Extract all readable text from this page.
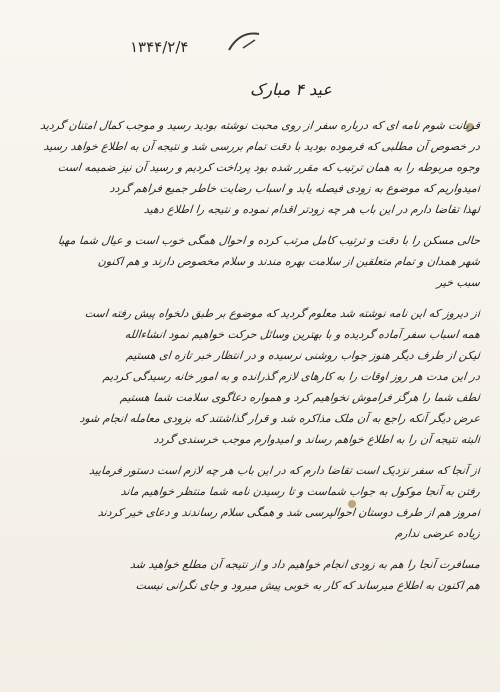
۱۳۴۴/۲/۴
عید ۴ مبارک
قربانت شوم نامه ای که درباره سفر از روی محبت نوشته بودید رسید و موجب کمال امتنان گردید
در خصوص آن مطلبی که فرموده بودید با دقت تمام بررسی شد و نتیجه آن به اطلاع خواهد رسید
وجوه مربوطه را به همان ترتیب که مقرر شده بود پرداخت کردیم و رسید آن نیز ضمیمه است
امیدواریم که موضوع به زودی فیصله یابد و اسباب رضایت خاطر جمیع فراهم گردد
لهذا تقاضا دارم در این باب هر چه زودتر اقدام نموده و نتیجه را اطلاع دهید
حالی مسکن را با دقت و ترتیب کامل مرتب کرده و احوال همگی خوب است و عیال شما مهیا
شهر همدان و تمام متعلقین از سلامت بهره مندند و سلام مخصوص دارند و هم اکنون
سبب خیر
از دیروز که این نامه نوشته شد معلوم گردید که موضوع بر طبق دلخواه پیش رفته است
همه اسباب سفر آماده گردیده و با بهترین وسائل حرکت خواهیم نمود انشاءالله
لیکن از طرف دیگر هنوز جواب روشنی نرسیده و در انتظار خبر تازه ای هستیم
در این مدت هر روز اوقات را به کارهای لازم گذرانده و به امور خانه رسیدگی کردیم
لطف شما را هرگز فراموش نخواهیم کرد و همواره دعاگوی سلامت شما هستیم
عرض دیگر آنکه راجع به آن ملک مذاکره شد و قرار گذاشتند که بزودی معامله انجام شود
البته نتیجه آن را به اطلاع خواهم رساند و امیدوارم موجب خرسندی گردد
از آنجا که سفر نزدیک است تقاضا دارم که در این باب هر چه لازم است دستور فرمایید
رفتن به آنجا موکول به جواب شماست و تا رسیدن نامه شما منتظر خواهیم ماند
امروز هم از طرف دوستان احوالپرسی شد و همگی سلام رساندند و دعای خیر کردند
زیاده عرضی ندارم
مسافرت آنجا را هم به زودی انجام خواهیم داد و از نتیجه آن مطلع خواهید شد
هم اکنون به اطلاع میرساند که کار به خوبی پیش میرود و جای نگرانی نیست
